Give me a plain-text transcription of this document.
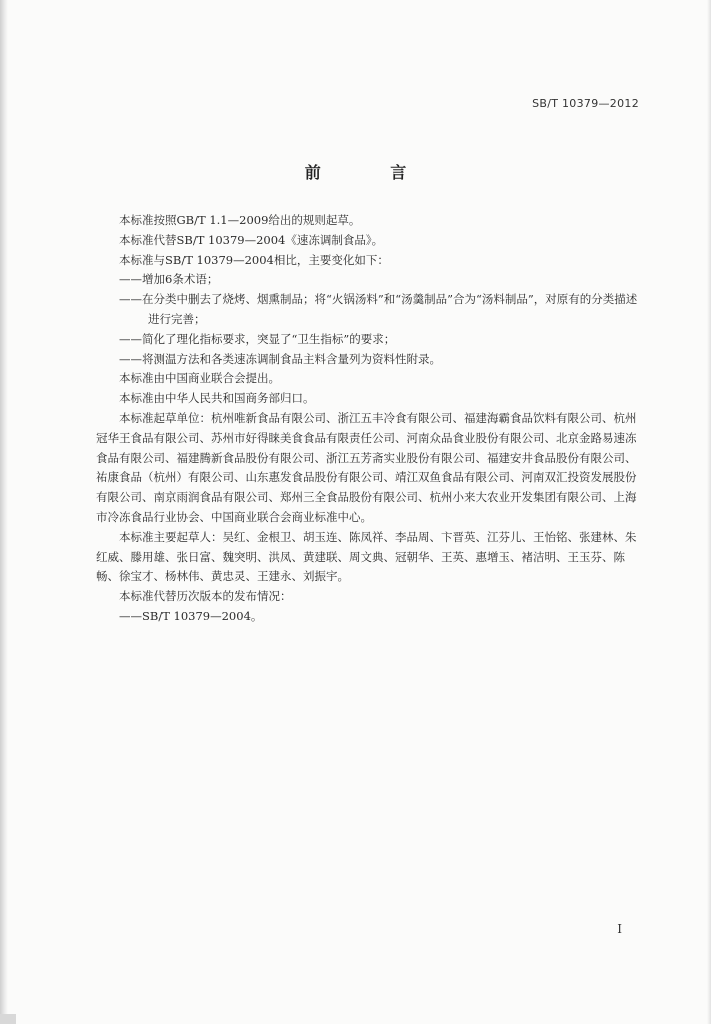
SB/T 10379—2012
前 言

本标准按照GB/T 1.1—2009给出的规则起草。

本标准代替SB/T 10379—2004《速冻调制食品》。

本标准与SB/T 10379—2004相比，主要变化如下：

——增加6条术语；

——在分类中删去了烧烤、烟熏制品；将“火锅汤料”和“汤羹制品”合为“汤料制品”，对原有的分类描述进行完善；

——简化了理化指标要求，突显了“卫生指标”的要求；

——将测温方法和各类速冻调制食品主料含量列为资料性附录。

本标准由中国商业联合会提出。

本标准由中华人民共和国商务部归口。

本标准起草单位：杭州唯新食品有限公司、浙江五丰冷食有限公司、福建海霸食品饮料有限公司、杭州冠华王食品有限公司、苏州市好得睐美食食品有限责任公司、河南众品食业股份有限公司、北京金路易速冻食品有限公司、福建腾新食品股份有限公司、浙江五芳斋实业股份有限公司、福建安井食品股份有限公司、祐康食品（杭州）有限公司、山东惠发食品股份有限公司、靖江双鱼食品有限公司、河南双汇投资发展股份有限公司、南京雨润食品有限公司、郑州三全食品股份有限公司、杭州小来大农业开发集团有限公司、上海市冷冻食品行业协会、中国商业联合会商业标准中心。

本标准主要起草人：吴红、金根卫、胡玉连、陈凤祥、李品周、卞晋英、江芬儿、王怡铭、张建林、朱红威、滕用雄、张日富、魏突明、洪凤、黄建联、周文典、冠朝华、王英、惠增玉、褚洁明、王玉芬、陈畅、徐宝才、杨林伟、黄忠灵、王建永、刘振宇。

本标准代替历次版本的发布情况：

——SB/T 10379—2004。

I
